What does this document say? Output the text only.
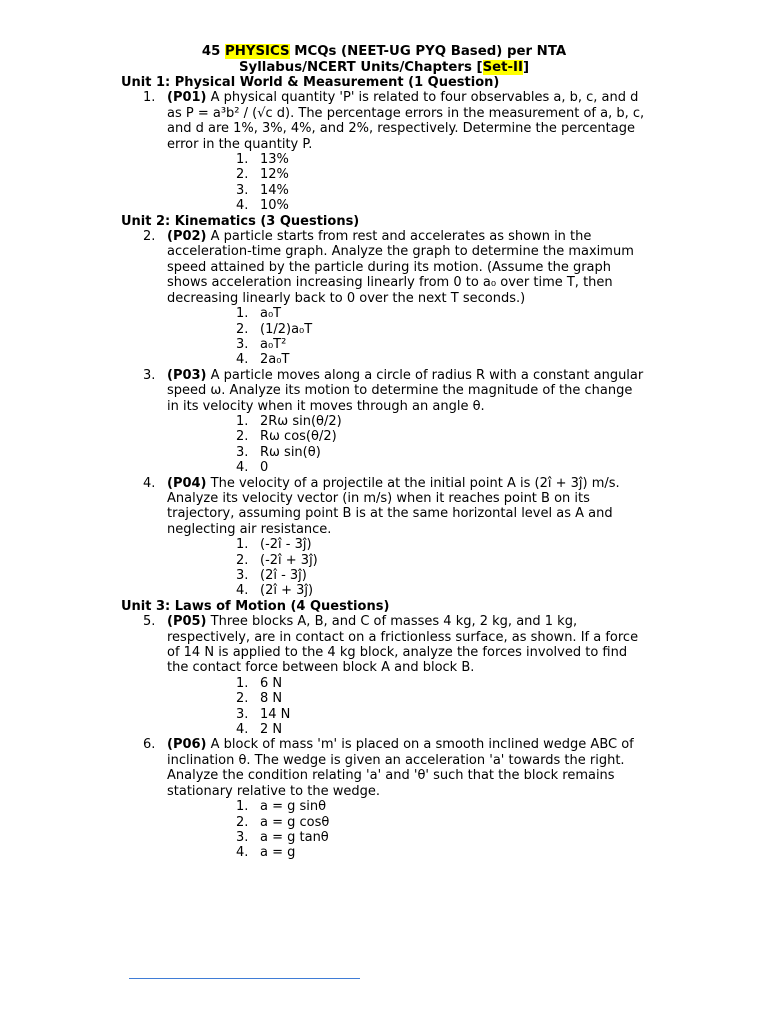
45 PHYSICS MCQs (NEET-UG PYQ Based) per NTA

Syllabus/NCERT Units/Chapters [Set-II]

Unit 1: Physical World & Measurement (1 Question)
1. (P01) A physical quantity 'P' is related to four observables a, b, c, and d as P = a³b² / (√c d). The percentage errors in the measurement of a, b, c, and d are 1%, 3%, 4%, and 2%, respectively. Determine the percentage error in the quantity P.
1. 13%
2. 12%
3. 14%
4. 10%
Unit 2: Kinematics (3 Questions)
2. (P02) A particle starts from rest and accelerates as shown in the acceleration-time graph. Analyze the graph to determine the maximum speed attained by the particle during its motion. (Assume the graph shows acceleration increasing linearly from 0 to a₀ over time T, then decreasing linearly back to 0 over the next T seconds.)
1. a₀T
2. (1/2)a₀T
3. a₀T²
4. 2a₀T
3. (P03) A particle moves along a circle of radius R with a constant angular speed ω. Analyze its motion to determine the magnitude of the change in its velocity when it moves through an angle θ.
1. 2Rω sin(θ/2)
2. Rω cos(θ/2)
3. Rω sin(θ)
4. 0
4. (P04) The velocity of a projectile at the initial point A is (2î + 3ĵ) m/s. Analyze its velocity vector (in m/s) when it reaches point B on its trajectory, assuming point B is at the same horizontal level as A and neglecting air resistance.
1. (-2î - 3ĵ)
2. (-2î + 3ĵ)
3. (2î - 3ĵ)
4. (2î + 3ĵ)
Unit 3: Laws of Motion (4 Questions)
5. (P05) Three blocks A, B, and C of masses 4 kg, 2 kg, and 1 kg, respectively, are in contact on a frictionless surface, as shown. If a force of 14 N is applied to the 4 kg block, analyze the forces involved to find the contact force between block A and block B.
1. 6 N
2. 8 N
3. 14 N
4. 2 N
6. (P06) A block of mass 'm' is placed on a smooth inclined wedge ABC of inclination θ. The wedge is given an acceleration 'a' towards the right. Analyze the condition relating 'a' and 'θ' such that the block remains stationary relative to the wedge.
1. a = g sinθ
2. a = g cosθ
3. a = g tanθ
4. a = g
